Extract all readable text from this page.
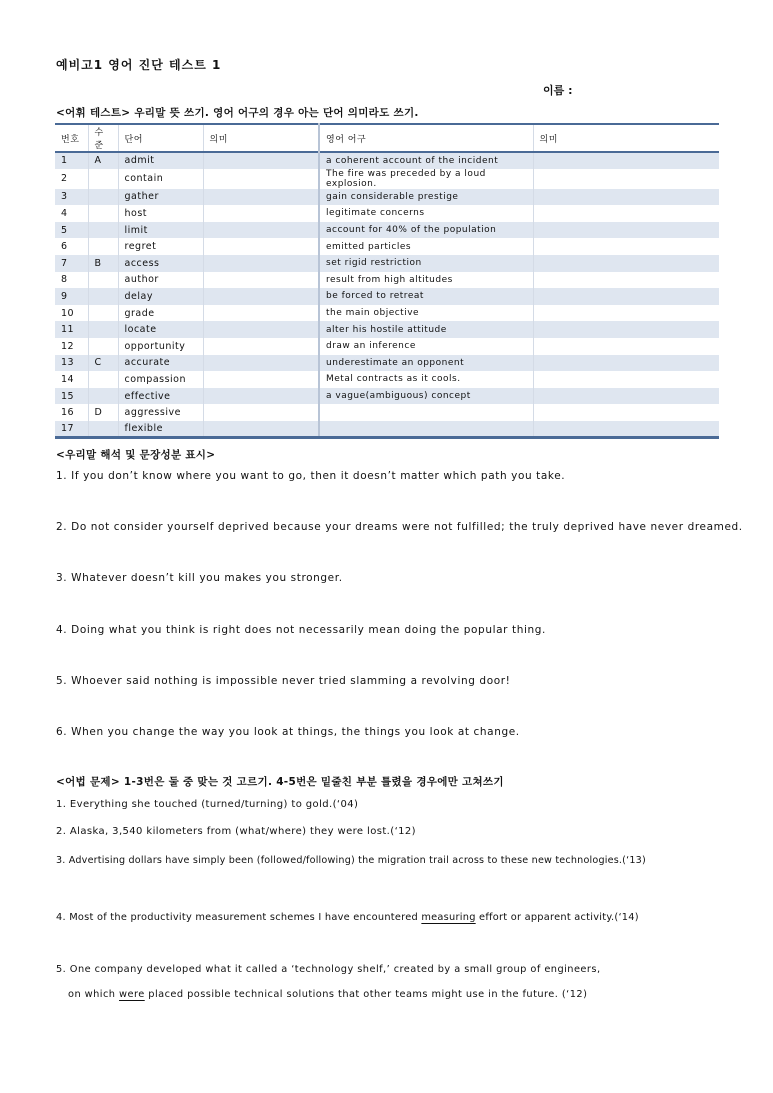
예비고1 영어 진단 테스트 1
이름 :
<어휘 테스트> 우리말 뜻 쓰기. 영어 어구의 경우 아는 단어 의미라도 쓰기.
번호	수준	단어	의미	영어 어구	의미
1	A	admit		a coherent account of the incident	
2		contain		The fire was preceded by a loud explosion.	
3		gather		gain considerable prestige	
4		host		legitimate concerns	
5		limit		account for 40% of the population	
6		regret		emitted particles	
7	B	access		set rigid restriction	
8		author		result from high altitudes	
9		delay		be forced to retreat	
10		grade		the main objective	
11		locate		alter his hostile attitude	
12		opportunity		draw an inference	
13	C	accurate		underestimate an opponent	
14		compassion		Metal contracts as it cools.	
15		effective		a vague(ambiguous) concept	
16	D	aggressive			
17		flexible			
<우리말 해석 및 문장성분 표시>
1. If you don’t know where you want to go, then it doesn’t matter which path you take.
2. Do not consider yourself deprived because your dreams were not fulfilled; the truly deprived have never dreamed.
3. Whatever doesn’t kill you makes you stronger.
4. Doing what you think is right does not necessarily mean doing the popular thing.
5. Whoever said nothing is impossible never tried slamming a revolving door!
6. When you change the way you look at things, the things you look at change.
<어법 문제> 1-3번은 둘 중 맞는 것 고르기. 4-5번은 밑줄친 부분 틀렸을 경우에만 고쳐쓰기
1. Everything she touched (turned/turning) to gold.(‘04)
2. Alaska, 3,540 kilometers from (what/where) they were lost.(‘12)
3. Advertising dollars have simply been (followed/following) the migration trail across to these new technologies.(‘13)
4. Most of the productivity measurement schemes I have encountered measuring effort or apparent activity.(‘14)
5. One company developed what it called a ‘technology shelf,’ created by a small group of engineers,
on which were placed possible technical solutions that other teams might use in the future. (‘12)
